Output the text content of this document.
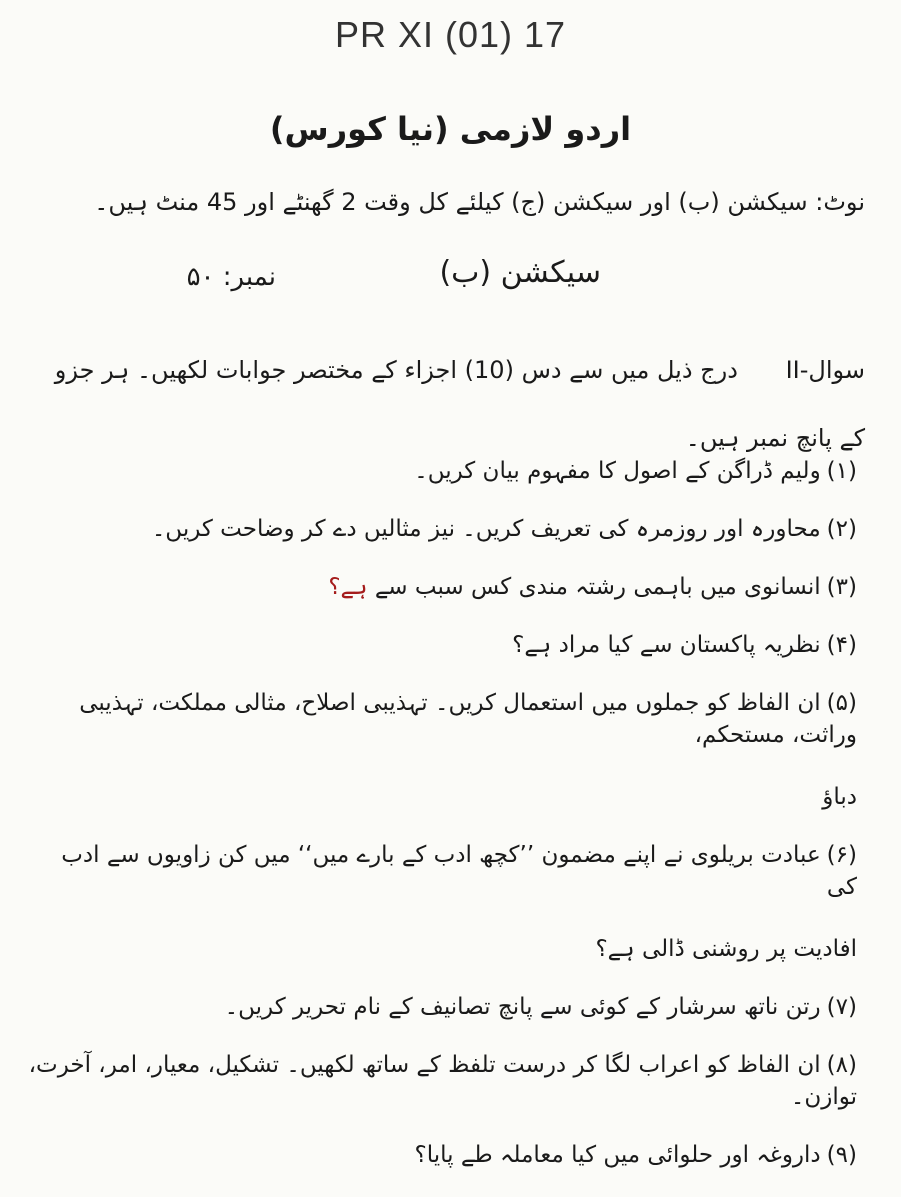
PR XI (01) 17
اردو لازمی (نیا کورس)
نوٹ: سیکشن (ب) اور سیکشن (ج) کیلئے کل وقت 2 گھنٹے اور 45 منٹ ہیں۔
سیکشن (ب)
نمبر: ۵۰
سوال-II درج ذیل میں سے دس (10) اجزاء کے مختصر جوابات لکھیں۔ ہر جزو کے پانچ نمبر ہیں۔
(۱)ولیم ڈراگن کے اصول کا مفہوم بیان کریں۔
(۲)محاورہ اور روزمرہ کی تعریف کریں۔ نیز مثالیں دے کر وضاحت کریں۔
(۳)انسانوی میں باہمی رشتہ مندی کس سبب سے ہے؟
(۴)نظریہ پاکستان سے کیا مراد ہے؟
(۵)ان الفاظ کو جملوں میں استعمال کریں۔ تہذیبی اصلاح، مثالی مملکت، تہذیبی وراثت، مستحکم،
دباؤ
(۶)عبادت بریلوی نے اپنے مضمون ’’کچھ ادب کے بارے میں‘‘ میں کن زاویوں سے ادب کی
افادیت پر روشنی ڈالی ہے؟
(۷)رتن ناتھ سرشار کے کوئی سے پانچ تصانیف کے نام تحریر کریں۔
(۸)ان الفاظ کو اعراب لگا کر درست تلفظ کے ساتھ لکھیں۔ تشکیل، معیار، امر، آخرت، توازن۔
(۹)داروغہ اور حلوائی میں کیا معاملہ طے پایا؟
